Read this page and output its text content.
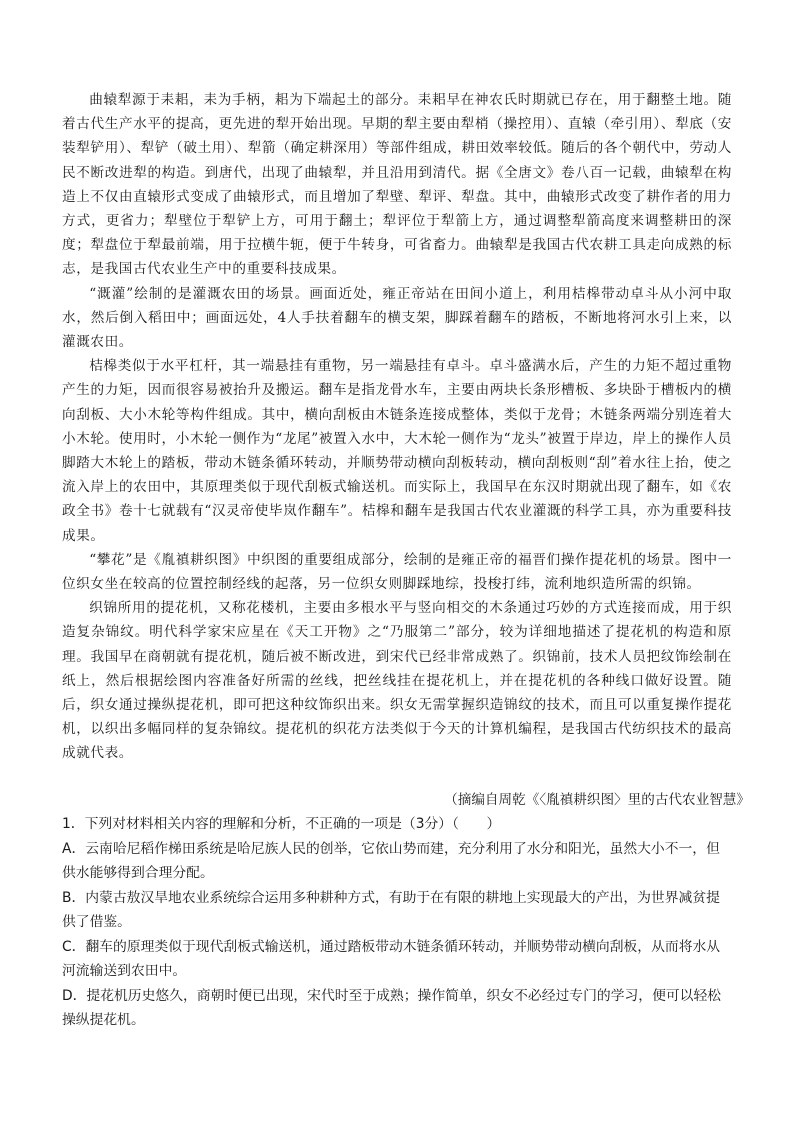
曲辕犁源于耒耜，耒为手柄，耜为下端起土的部分。耒耜早在神农氏时期就已存在，用于翻整土地。随着古代生产水平的提高，更先进的犁开始出现。早期的犁主要由犁梢（操控用）、直辕（牵引用）、犁底（安装犁铲用）、犁铲（破土用）、犁箭（确定耕深用）等部件组成，耕田效率较低。随后的各个朝代中，劳动人民不断改进犁的构造。到唐代，出现了曲辕犁，并且沿用到清代。据《全唐文》卷八百一记载，曲辕犁在构造上不仅由直辕形式变成了曲辕形式，而且增加了犁壁、犁评、犁盘。其中，曲辕形式改变了耕作者的用力方式，更省力；犁壁位于犁铲上方，可用于翻土；犁评位于犁箭上方，通过调整犁箭高度来调整耕田的深度；犁盘位于犁最前端，用于拉横牛轭，便于牛转身，可省畜力。曲辕犁是我国古代农耕工具走向成熟的标志，是我国古代农业生产中的重要科技成果。

“溉灌”绘制的是灌溉农田的场景。画面近处，雍正帝站在田间小道上，利用桔槔带动卓斗从小河中取水，然后倒入稻田中；画面远处，4人手扶着翻车的横支架，脚踩着翻车的踏板，不断地将河水引上来，以灌溉农田。

桔槔类似于水平杠杆，其一端悬挂有重物，另一端悬挂有卓斗。卓斗盛满水后，产生的力矩不超过重物产生的力矩，因而很容易被抬升及搬运。翻车是指龙骨水车，主要由两块长条形槽板、多块卧于槽板内的横向刮板、大小木轮等构件组成。其中，横向刮板由木链条连接成整体，类似于龙骨；木链条两端分别连着大小木轮。使用时，小木轮一侧作为“龙尾”被置入水中，大木轮一侧作为“龙头”被置于岸边，岸上的操作人员脚踏大木轮上的踏板，带动木链条循环转动，并顺势带动横向刮板转动，横向刮板则“刮”着水往上抬，使之流入岸上的农田中，其原理类似于现代刮板式输送机。而实际上，我国早在东汉时期就出现了翻车，如《农政全书》卷十七就载有“汉灵帝使毕岚作翻车”。桔槔和翻车是我国古代农业灌溉的科学工具，亦为重要科技成果。

“攀花”是《胤禛耕织图》中织图的重要组成部分，绘制的是雍正帝的福晋们操作提花机的场景。图中一位织女坐在较高的位置控制经线的起落，另一位织女则脚踩地综，投梭打纬，流利地织造所需的织锦。

织锦所用的提花机，又称花楼机，主要由多根水平与竖向相交的木条通过巧妙的方式连接而成，用于织造复杂锦纹。明代科学家宋应星在《天工开物》之“乃服第二”部分，较为详细地描述了提花机的构造和原理。我国早在商朝就有提花机，随后被不断改进，到宋代已经非常成熟了。织锦前，技术人员把纹饰绘制在纸上，然后根据绘图内容准备好所需的丝线，把丝线挂在提花机上，并在提花机的各种线口做好设置。随后，织女通过操纵提花机，即可把这种纹饰织出来。织女无需掌握织造锦纹的技术，而且可以重复操作提花机，以织出多幅同样的复杂锦纹。提花机的织花方法类似于今天的计算机编程，是我国古代纺织技术的最高成就代表。

（摘编自周乾《〈胤禛耕织图〉里的古代农业智慧》

1．下列对材料相关内容的理解和分析，不正确的一项是（3分）（　　）

A．云南哈尼稻作梯田系统是哈尼族人民的创举，它依山势而建，充分利用了水分和阳光，虽然大小不一，但供水能够得到合理分配。

B．内蒙古敖汉旱地农业系统综合运用多种耕种方式，有助于在有限的耕地上实现最大的产出，为世界减贫提供了借鉴。

C．翻车的原理类似于现代刮板式输送机，通过踏板带动木链条循环转动，并顺势带动横向刮板，从而将水从河流输送到农田中。

D．提花机历史悠久，商朝时便已出现，宋代时至于成熟；操作简单，织女不必经过专门的学习，便可以轻松操纵提花机。
